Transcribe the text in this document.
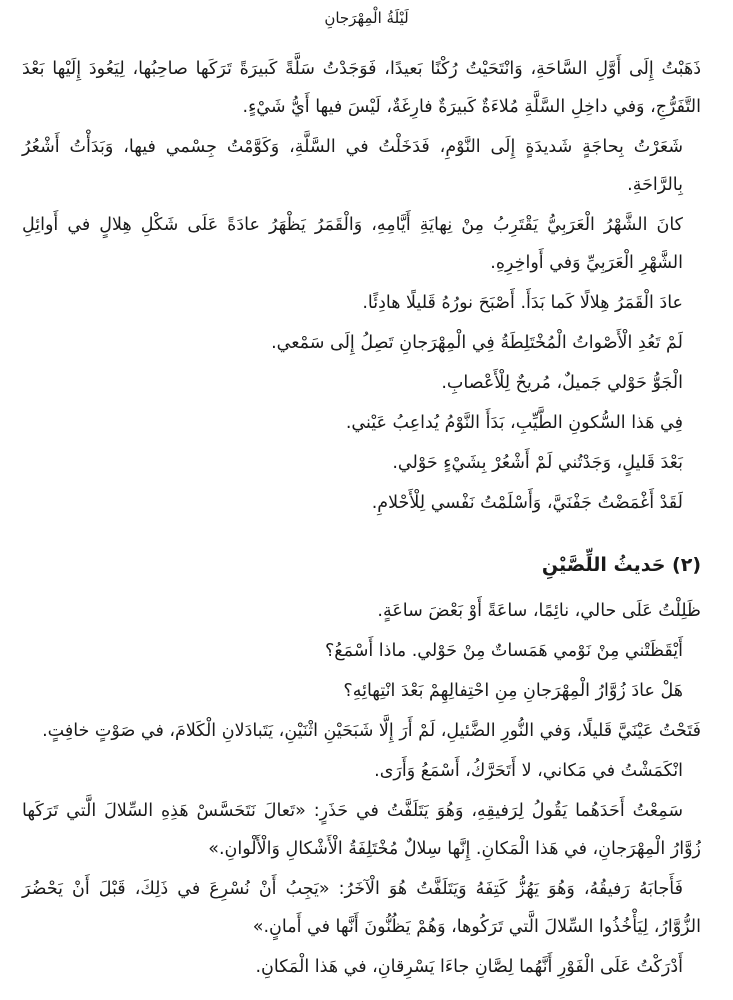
لَيْلَةُ الْمِهْرَجانِ

ذَهَبْتُ إِلَى أَوَّلِ السَّاحَةِ، وَانْتَحَيْتُ رُكْنًا بَعيدًا، فَوَجَدْتُ سَلَّةً كَبيرَةً تَرَكَها صاحِبُها، لِيَعُودَ إِلَيْها بَعْدَ التَّفَرُّجِ، وَفي داخِلِ السَّلَّةِ مُلاءَةٌ كَبيرَةٌ فارِغَةٌ، لَيْسَ فيها أَيُّ شَيْءٍ.

شَعَرْتُ بِحاجَةٍ شَديدَةٍ إِلَى النَّوْمِ، فَدَخَلْتُ في السَّلَّةِ، وَكَوَّمْتُ جِسْمي فيها، وَبَدَأْتُ أَشْعُرُ بِالرَّاحَةِ.

كانَ الشَّهْرُ الْعَرَبِيُّ يَقْتَرِبُ مِنْ نِهايَةِ أَيَّامِهِ، وَالْقَمَرُ يَظْهَرُ عادَةً عَلَى شَكْلِ هِلالٍ في أَوائِلِ الشَّهْرِ الْعَرَبِيِّ وَفي أَواخِرِهِ.

عادَ الْقَمَرُ هِلالًا كَما بَدَأَ. أَصْبَحَ نورُهُ قَليلًا هادِئًا.

لَمْ تَعُدِ الْأَصْواتُ الْمُخْتَلِطَةُ فِي الْمِهْرَجانِ تَصِلُ إِلَى سَمْعي.

الْجَوُّ حَوْلي جَميلٌ، مُريحٌ لِلْأَعْصابِ.

فِي هَذا السُّكونِ الطَّيِّبِ، بَدَأَ النَّوْمُ يُداعِبُ عَيْني.

بَعْدَ قَليلٍ، وَجَدْتُني لَمْ أَشْعُرْ بِشَيْءٍ حَوْلي.

لَقَدْ أَغْمَضْتُ جَفْنَيَّ، وَأَسْلَمْتُ نَفْسي لِلْأَحْلامِ.

(٢) حَديثُ اللِّصَّيْنِ

ظَلِلْتُ عَلَى حالي، نائِمًا، ساعَةً أَوْ بَعْضَ ساعَةٍ.

أَيْقَظَتْني مِنْ نَوْمي هَمَساتٌ مِنْ حَوْلي. ماذا أَسْمَعُ؟

هَلْ عادَ زُوَّارُ الْمِهْرَجانِ مِنِ احْتِفالِهِمْ بَعْدَ انْتِهائِهِ؟

فَتَحْتُ عَيْنَيَّ قَليلًا، وَفي النُّورِ الضَّئيلِ، لَمْ أَرَ إِلَّا شَبَحَيْنِ اثْنَيْنِ، يَتَبادَلانِ الْكَلامَ، في صَوْتٍ خافِتٍ.

انْكَمَشْتُ في مَكاني، لا أَتَحَرَّكُ، أَسْمَعُ وَأَرَى.

سَمِعْتُ أَحَدَهُما يَقُولُ لِرَفيقِهِ، وَهُوَ يَتَلَفَّتُ في حَذَرٍ: «تَعالَ نَتَحَسَّسْ هَذِهِ السِّلالَ الَّتي تَرَكَها زُوَّارُ الْمِهْرَجانِ، في هَذا الْمَكانِ. إِنَّها سِلالٌ مُخْتَلِفَةُ الْأَشْكالِ وَالْأَلْوانِ.»

فَأَجابَهُ رَفيقُهُ، وَهُوَ يَهُزُّ كَتِفَهُ وَيَتَلَفَّتُ هُوَ الْآخَرُ: «يَجِبُ أَنْ نُسْرِعَ في ذَلِكَ، قَبْلَ أَنْ يَحْضُرَ الزُّوَّارُ، لِيَأْخُذُوا السِّلالَ الَّتي تَرَكُوها، وَهُمْ يَظُنُّونَ أَنَّها في أَمانٍ.»

أَدْرَكْتُ عَلَى الْفَوْرِ أَنَّهُما لِصَّانِ جاءَا يَسْرِقانِ، في هَذا الْمَكانِ.
